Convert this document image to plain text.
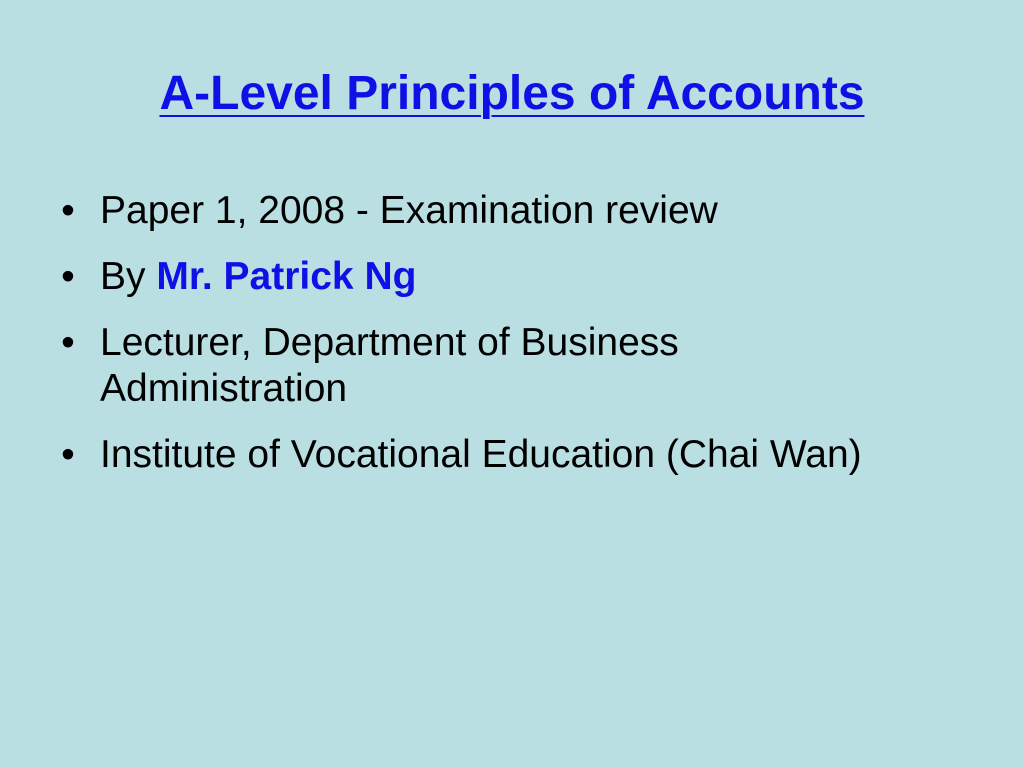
A-Level Principles of Accounts
• Paper 1, 2008 - Examination review
• By Mr. Patrick Ng
• Lecturer, Department of Business Administration
• Institute of Vocational Education (Chai Wan)
